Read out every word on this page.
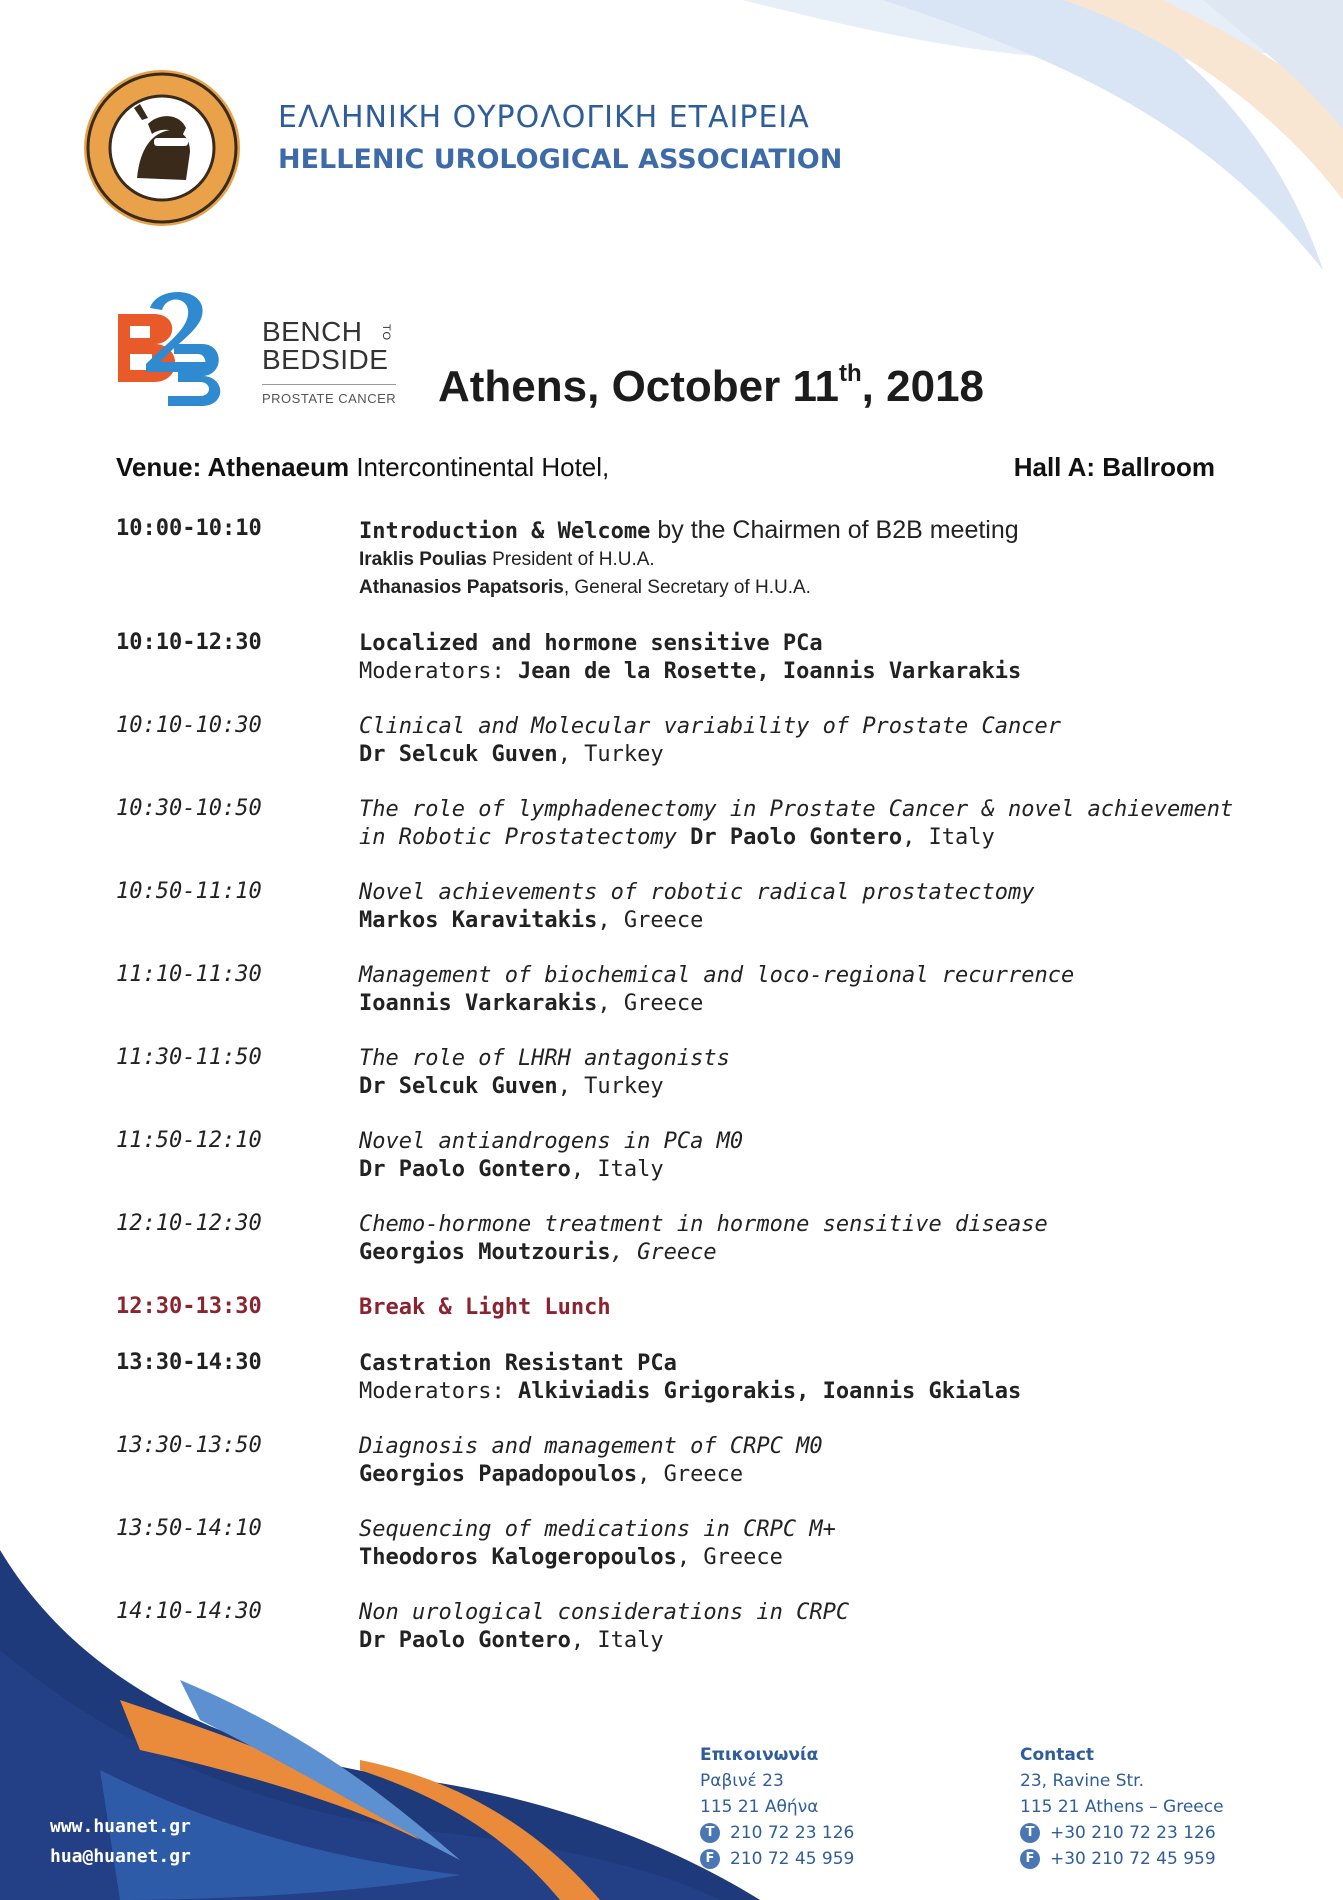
ΕΛΛΗΝΙΚΗ ΟΥΡΟΛΟΓΙΚΗ ΕΤΑΙΡΕΙΑ
HELLENIC UROLOGICAL ASSOCIATION
BENCH	TO
BEDSIDE
PROSTATE CANCER Athens, October 11th, 2018
Venue: Athenaeum Intercontinental Hotel,	Hall A: Ballroom
10:00-10:10	Introduction & Welcome by the Chairmen of B2B meeting
Iraklis Poulias President of H.U.A.
Athanasios Papatsoris, General Secretary of H.U.A.
10:10-12:30	Localized and hormone sensitive PCa
Moderators: Jean de la Rosette, Ioannis Varkarakis
10:10-10:30	Clinical and Molecular variability of Prostate Cancer
Dr Selcuk Guven, Turkey
10:30-10:50	The role of lymphadenectomy in Prostate Cancer & novel achievement
in Robotic Prostatectomy Dr Paolo Gontero, Italy
10:50-11:10	Novel achievements of robotic radical prostatectomy
Markos Karavitakis, Greece
11:10-11:30	Management of biochemical and loco-regional recurrence
Ioannis Varkarakis, Greece
11:30-11:50	The role of LHRH antagonists
Dr Selcuk Guven, Turkey
11:50-12:10	Novel antiandrogens in PCa M0
Dr Paolo Gontero, Italy
12:10-12:30	Chemo-hormone treatment in hormone sensitive disease
Georgios Moutzouris, Greece
12:30-13:30	Break & Light Lunch
13:30-14:30	Castration Resistant PCa
Moderators: Alkiviadis Grigorakis, Ioannis Gkialas
13:30-13:50	Diagnosis and management of CRPC M0
Georgios Papadopoulos, Greece
13:50-14:10	Sequencing of medications in CRPC M+
Theodoros Kalogeropoulos, Greece
14:10-14:30	Non urological considerations in CRPC
Dr Paolo Gontero, Italy
www.huanet.gr
hua@huanet.gr
Επικοινωνία
Ραβινέ 23
115 21 Αθήνα
T 210 72 23 126
F 210 72 45 959
Contact
23, Ravine Str.
115 21 Athens – Greece
T +30 210 72 23 126
F +30 210 72 45 959
